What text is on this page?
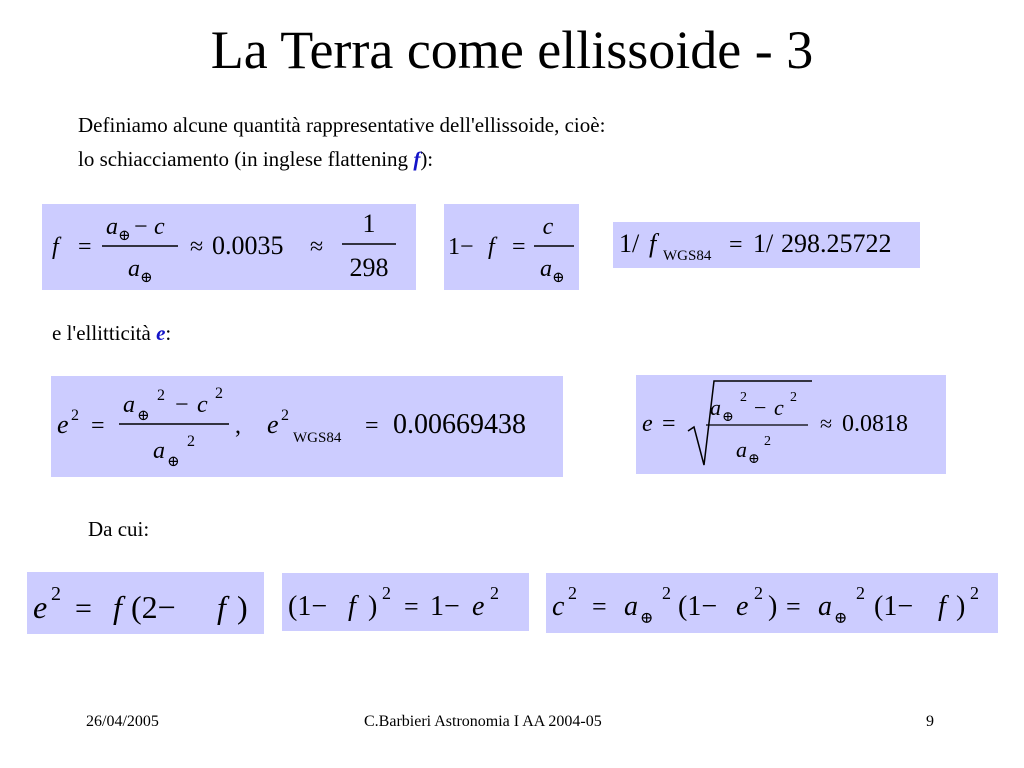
La Terra come ellissoide - 3
Definiamo alcune quantità rappresentative dell'ellissoide, cioè:
lo schiacciamento (in inglese flattening f):
f =
a ⊕ − c
a ⊕
≈ 0.0035 ≈
1
298
1− f =
c
a ⊕
1/ f WGS84 = 1/ 298.25722
e l'ellitticità e:
e 2 =
a ⊕
2 − c 2
a ⊕
2
, e 2
WGS84 = 0.00669438	e =
a ⊕
2 − c 2
a ⊕
2
≈ 0.0818
Da cui:
e 2 = f (2− f ) (1− f ) 2 = 1− e 2 c 2 = a ⊕
2 (1− e 2 ) = a ⊕
2 (1− f ) 2
26/04/2005	C.Barbieri Astronomia I AA 2004-05	9
